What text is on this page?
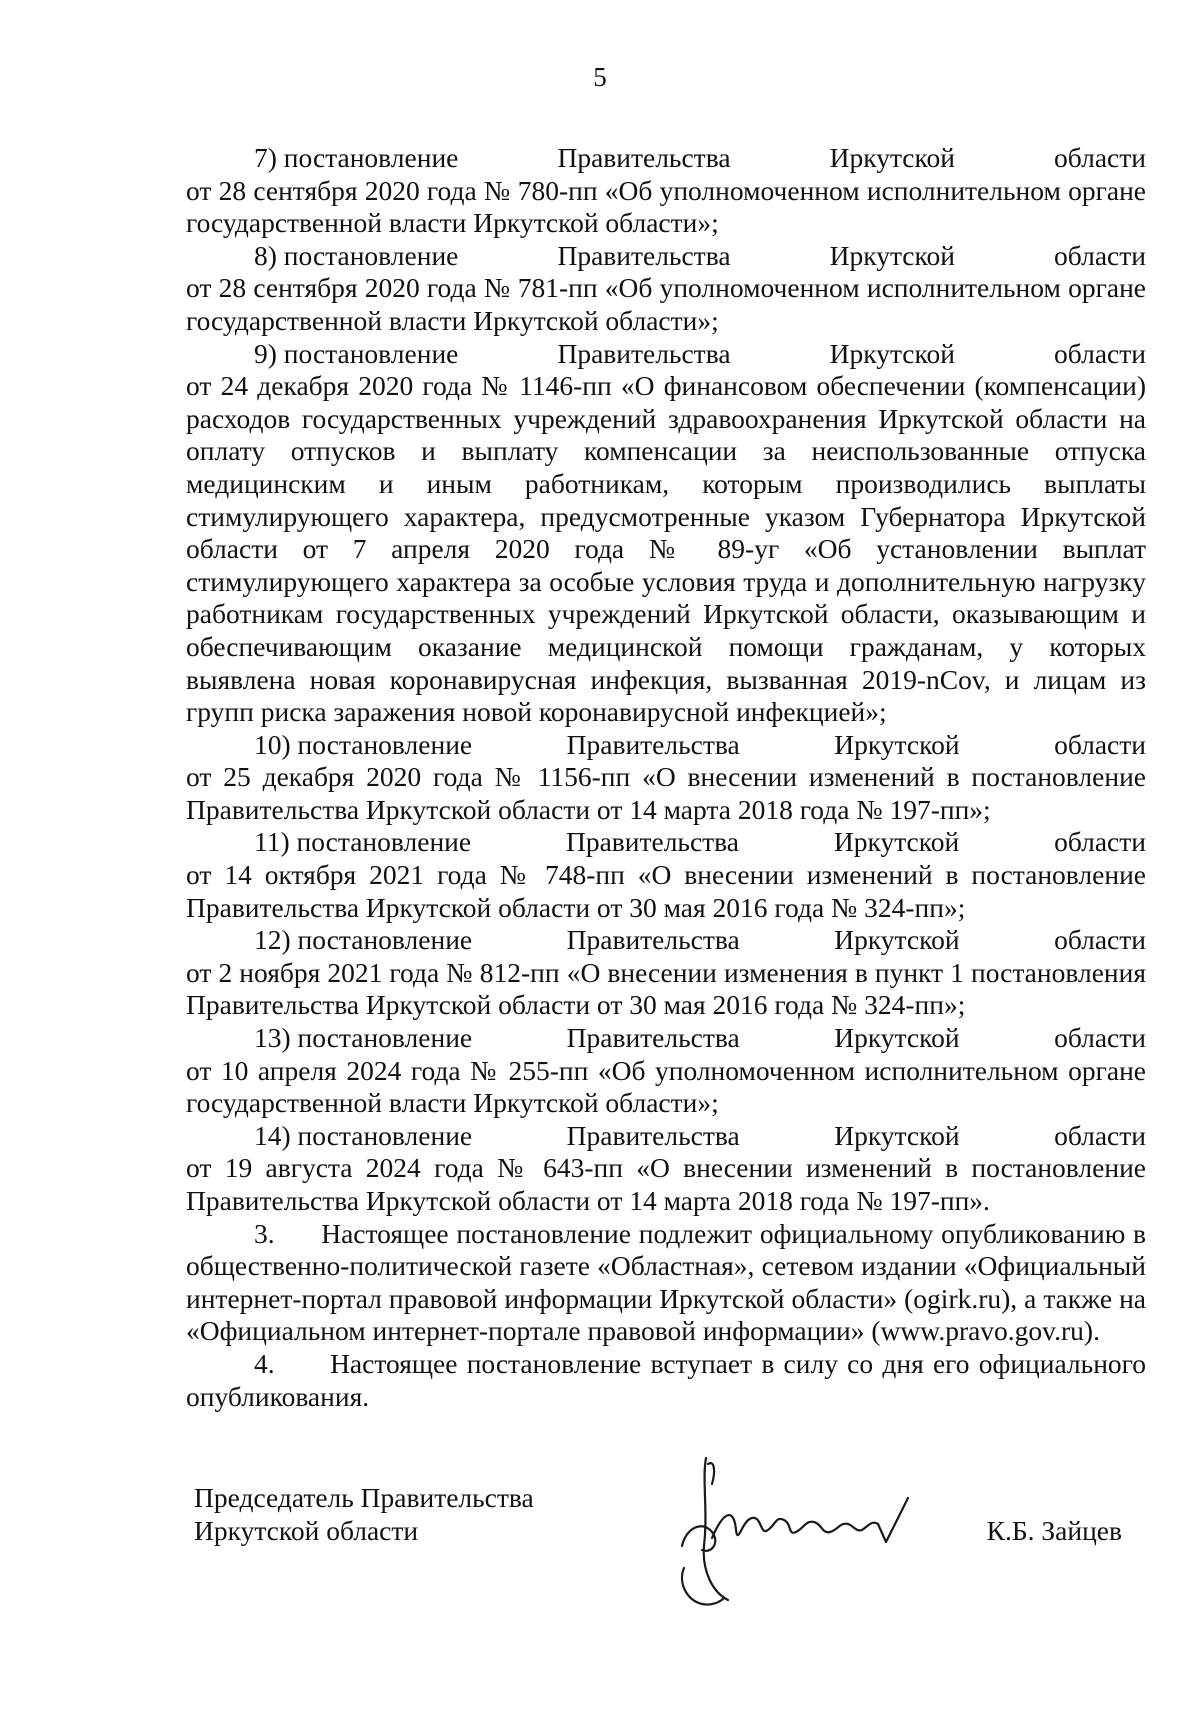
5
7) постановление	Правительства	Иркутской	области

от 28 сентября 2020 года № 780-пп «Об уполномоченном исполнительном органе государственной власти Иркутской области»;

8) постановление	Правительства	Иркутской	области

от 28 сентября 2020 года № 781-пп «Об уполномоченном исполнительном органе государственной власти Иркутской области»;

9) постановление	Правительства	Иркутской	области

от 24 декабря 2020 года № 1146-пп «О финансовом обеспечении (компенсации) расходов государственных учреждений здравоохранения Иркутской области на оплату отпусков и выплату компенсации за неиспользованные отпуска медицинским и иным работникам, которым производились выплаты стимулирующего характера, предусмотренные указом Губернатора Иркутской области от 7 апреля 2020 года № 89-уг «Об установлении выплат стимулирующего характера за особые условия труда и дополнительную нагрузку работникам государственных учреждений Иркутской области, оказывающим и обеспечивающим оказание медицинской помощи гражданам, у которых выявлена новая коронавирусная инфекция, вызванная 2019-nCov, и лицам из групп риска заражения новой коронавирусной инфекцией»;

10) постановление	Правительства	Иркутской	области

от 25 декабря 2020 года № 1156-пп «О внесении изменений в постановление Правительства Иркутской области от 14 марта 2018 года № 197-пп»;

11) постановление	Правительства	Иркутской	области

от 14 октября 2021 года № 748-пп «О внесении изменений в постановление Правительства Иркутской области от 30 мая 2016 года № 324-пп»;

12) постановление	Правительства	Иркутской	области

от 2 ноября 2021 года № 812-пп «О внесении изменения в пункт 1 постановления Правительства Иркутской области от 30 мая 2016 года № 324-пп»;

13) постановление	Правительства	Иркутской	области

от 10 апреля 2024 года № 255-пп «Об уполномоченном исполнительном органе государственной власти Иркутской области»;

14) постановление	Правительства	Иркутской	области

от 19 августа 2024 года № 643-пп «О внесении изменений в постановление Правительства Иркутской области от 14 марта 2018 года № 197-пп».

3. Настоящее постановление подлежит официальному опубликованию в общественно-политической газете «Областная», сетевом издании «Официальный интернет-портал правовой информации Иркутской области» (ogirk.ru), а также на «Официальном интернет-портале правовой информации» (www.pravo.gov.ru).

4. Настоящее постановление вступает в силу со дня его официального опубликования.

Председатель Правительства
Иркутской области	К.Б. Зайцев
